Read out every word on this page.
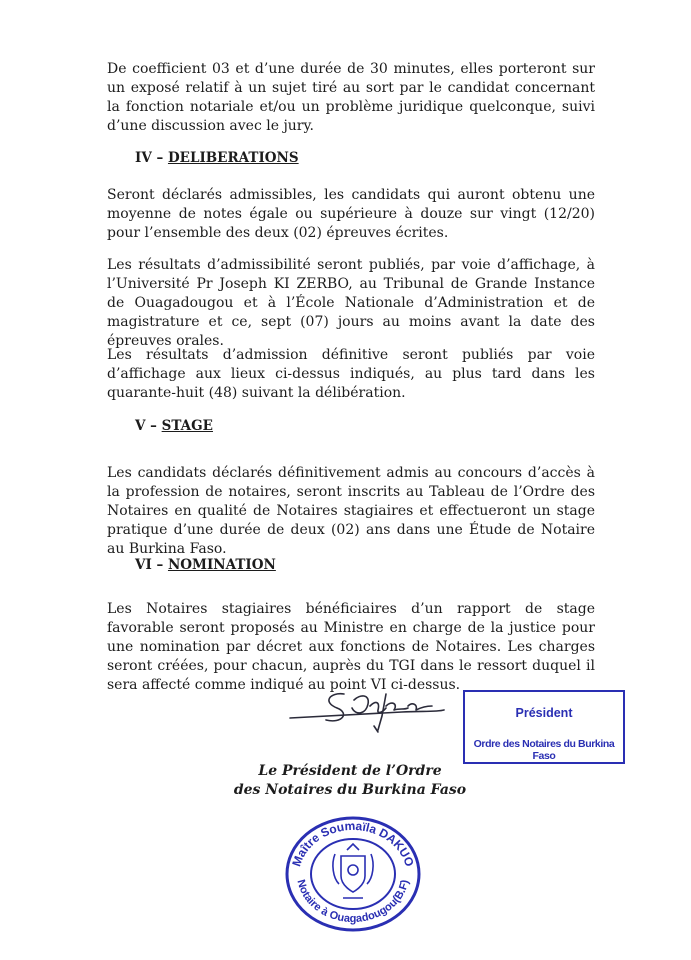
De coefficient 03 et d’une durée de 30 minutes, elles porteront sur un exposé relatif à un sujet tiré au sort par le candidat concernant la fonction notariale et/ou un problème juridique quelconque, suivi d’une discussion avec le jury.

IV – DELIBERATIONS

Seront déclarés admissibles, les candidats qui auront obtenu une moyenne de notes égale ou supérieure à douze sur vingt (12/20) pour l’ensemble des deux (02) épreuves écrites.

Les résultats d’admissibilité seront publiés, par voie d’affichage, à l’Université Pr Joseph KI ZERBO, au Tribunal de Grande Instance de Ouagadougou et à l’École Nationale d’Administration et de magistrature et ce, sept (07) jours au moins avant la date des épreuves orales.

Les résultats d’admission définitive seront publiés par voie d’affichage aux lieux ci-dessus indiqués, au plus tard dans les quarante-huit (48) suivant la délibération.

V – STAGE

Les candidats déclarés définitivement admis au concours d’accès à la profession de notaires, seront inscrits au Tableau de l’Ordre des Notaires en qualité de Notaires stagiaires et effectueront un stage pratique d’une durée de deux (02) ans dans une Étude de Notaire au Burkina Faso.

VI – NOMINATION

Les Notaires stagiaires bénéficiaires d’un rapport de stage favorable seront proposés au Ministre en charge de la justice pour une nomination par décret aux fonctions de Notaires. Les charges seront créées, pour chacun, auprès du TGI dans le ressort duquel il sera affecté comme indiqué au point VI ci-dessus.

Président
Ordre des Notaires du Burkina Faso

Le Président de l’Ordre

des Notaires du Burkina Faso

Maître Soumaïla DAKUO
Notaire à Ouagadougou(B.F)
